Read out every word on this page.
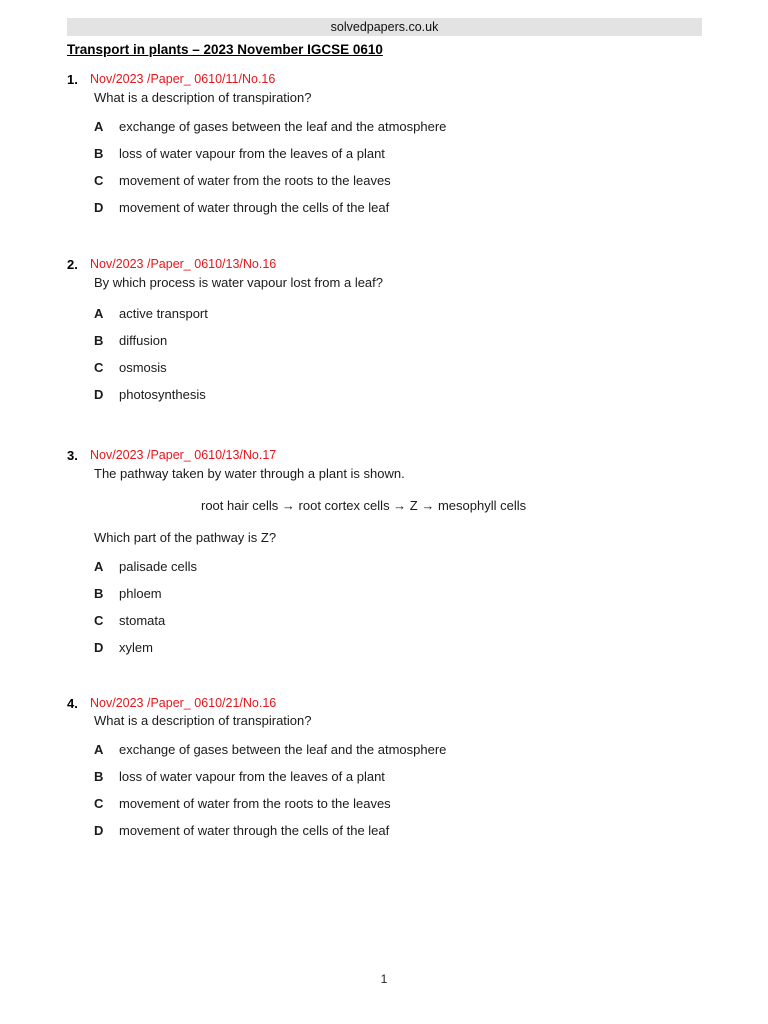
solvedpapers.co.uk
Transport in plants – 2023 November IGCSE 0610
1. Nov/2023 /Paper_ 0610/11/No.16
What is a description of transpiration?
A	exchange of gases between the leaf and the atmosphere
B	loss of water vapour from the leaves of a plant
C	movement of water from the roots to the leaves
D	movement of water through the cells of the leaf
2. Nov/2023 /Paper_ 0610/13/No.16
By which process is water vapour lost from a leaf?
A	active transport
B	diffusion
C	osmosis
D	photosynthesis
3. Nov/2023 /Paper_ 0610/13/No.17
The pathway taken by water through a plant is shown.
root hair cells → root cortex cells → Z → mesophyll cells
Which part of the pathway is Z?
A	palisade cells
B	phloem
C	stomata
D	xylem
4. Nov/2023 /Paper_ 0610/21/No.16
What is a description of transpiration?
A	exchange of gases between the leaf and the atmosphere
B	loss of water vapour from the leaves of a plant
C	movement of water from the roots to the leaves
D	movement of water through the cells of the leaf
1
